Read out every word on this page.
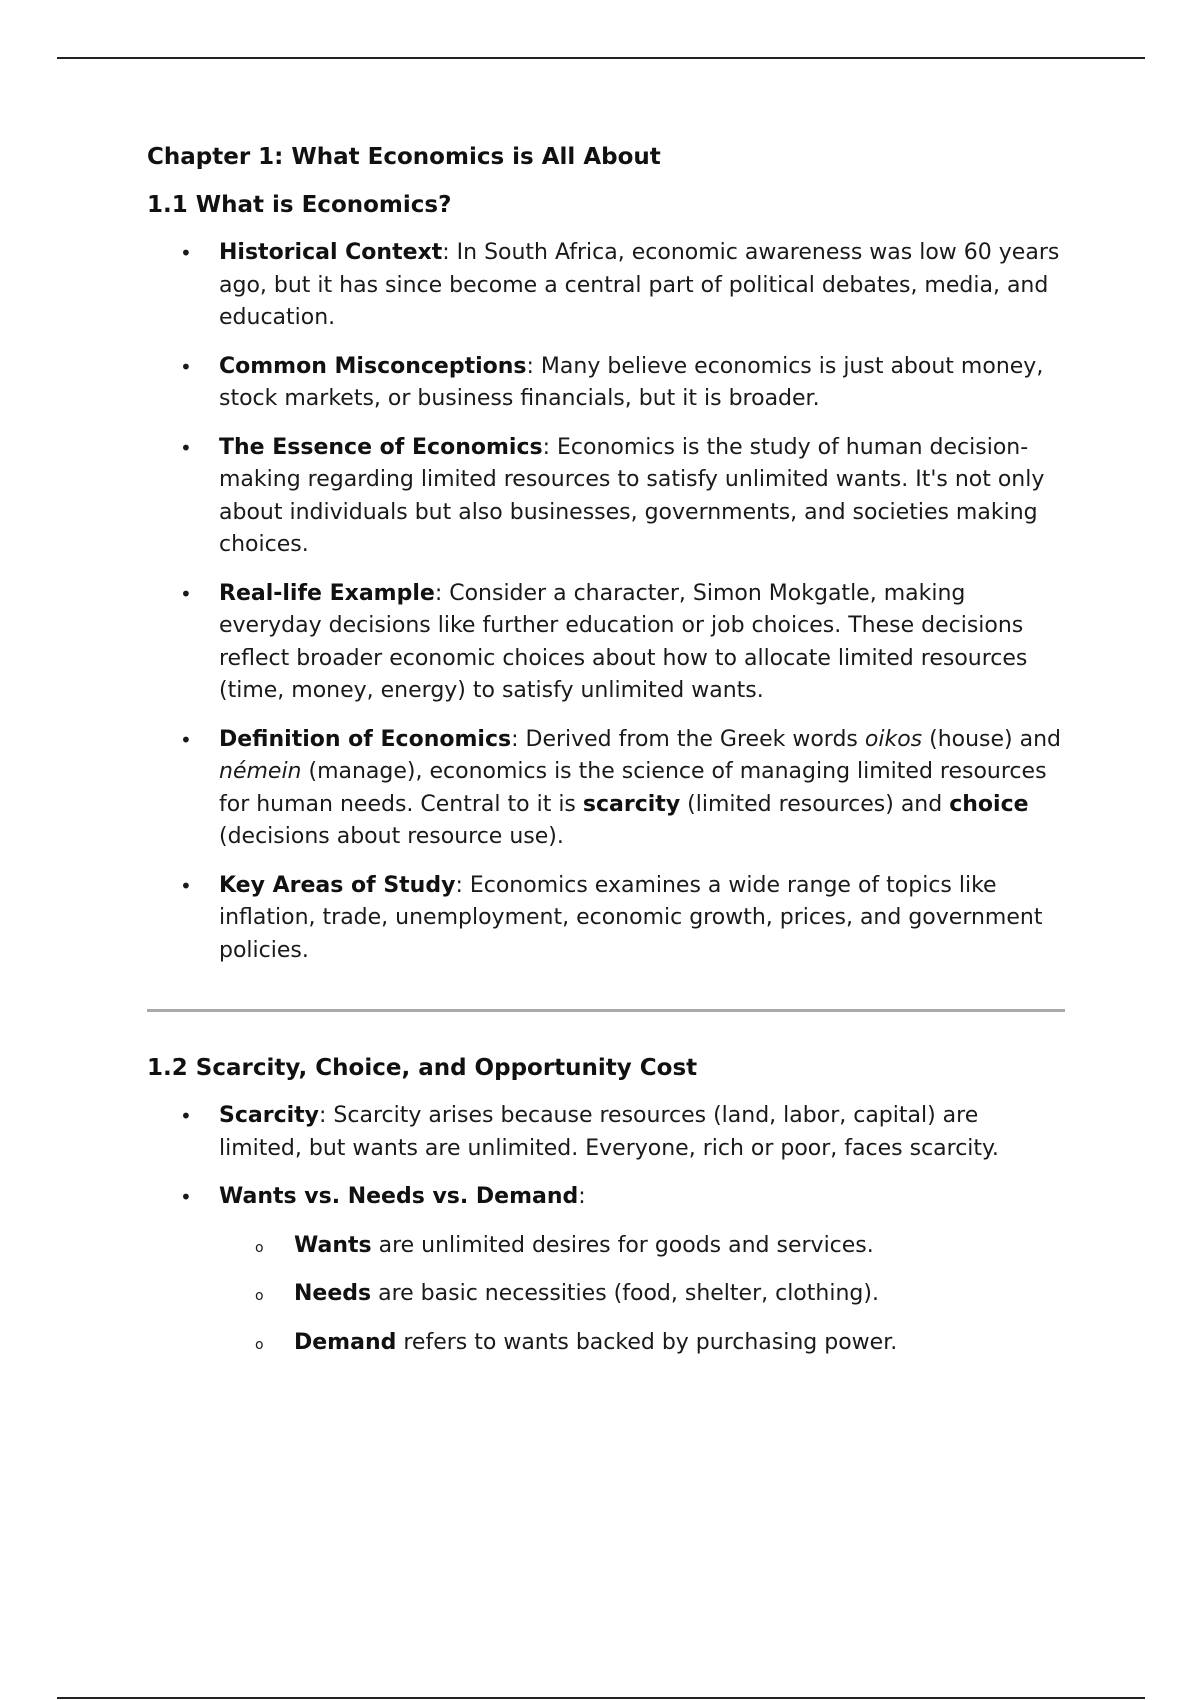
Chapter 1: What Economics is All About
1.1 What is Economics?
• Historical Context: In South Africa, economic awareness was low 60 years ago, but it has since become a central part of political debates, media, and education.
• Common Misconceptions: Many believe economics is just about money, stock markets, or business financials, but it is broader.
• The Essence of Economics: Economics is the study of human decision-making regarding limited resources to satisfy unlimited wants. It's not only about individuals but also businesses, governments, and societies making choices.
• Real-life Example: Consider a character, Simon Mokgatle, making everyday decisions like further education or job choices. These decisions reflect broader economic choices about how to allocate limited resources (time, money, energy) to satisfy unlimited wants.
• Definition of Economics: Derived from the Greek words oikos (house) and némein (manage), economics is the science of managing limited resources for human needs. Central to it is scarcity (limited resources) and choice (decisions about resource use).
• Key Areas of Study: Economics examines a wide range of topics like inflation, trade, unemployment, economic growth, prices, and government policies.
1.2 Scarcity, Choice, and Opportunity Cost
• Scarcity: Scarcity arises because resources (land, labor, capital) are limited, but wants are unlimited. Everyone, rich or poor, faces scarcity.
• Wants vs. Needs vs. Demand:
o Wants are unlimited desires for goods and services.
o Needs are basic necessities (food, shelter, clothing).
o Demand refers to wants backed by purchasing power.
